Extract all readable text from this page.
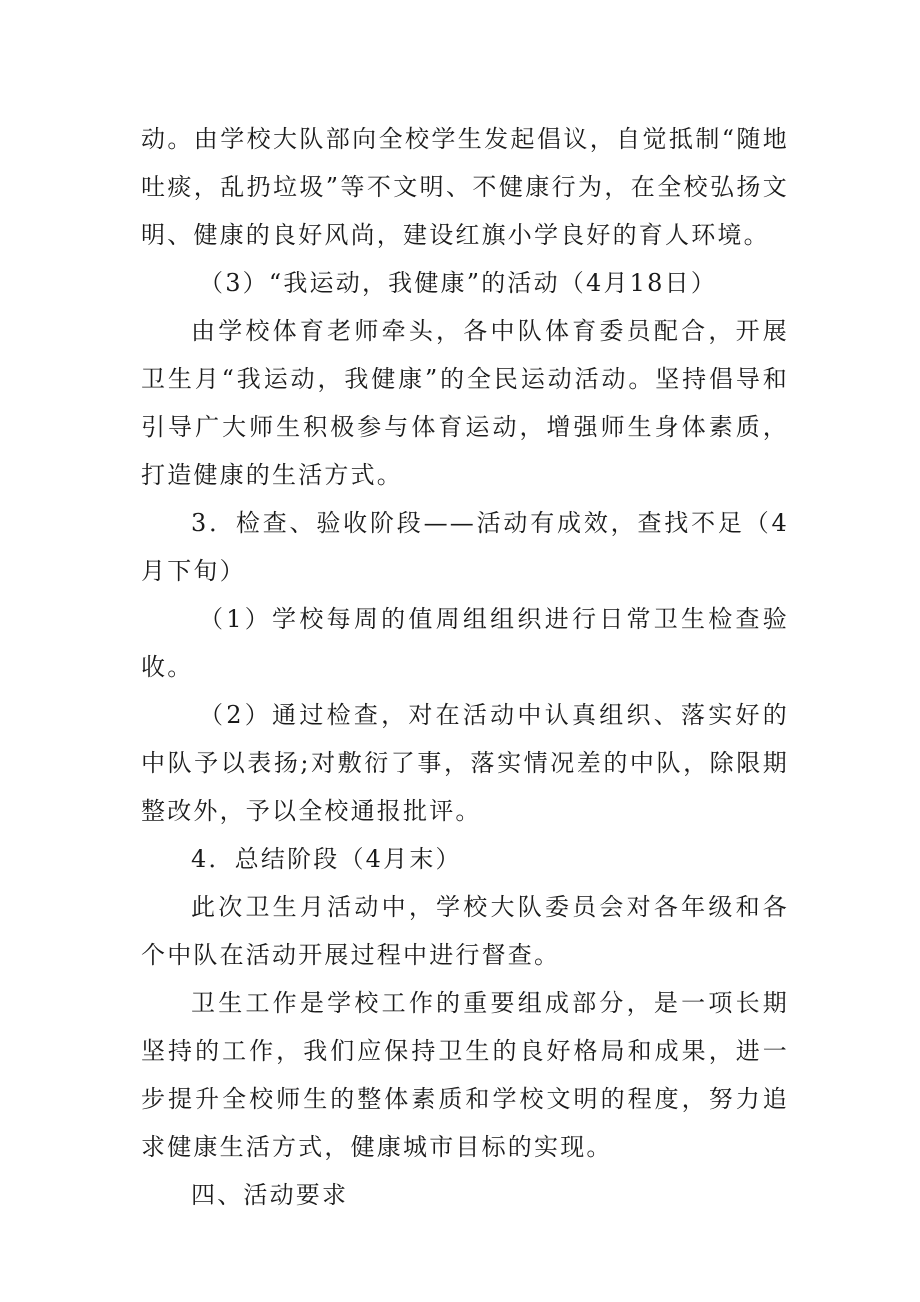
动。由学校大队部向全校学生发起倡议，自觉抵制“随地吐痰，乱扔垃圾”等不文明、不健康行为，在全校弘扬文明、健康的良好风尚，建设红旗小学良好的育人环境。

（3）“我运动，我健康”的活动（4月18日）

由学校体育老师牵头，各中队体育委员配合，开展卫生月“我运动，我健康”的全民运动活动。坚持倡导和引导广大师生积极参与体育运动，增强师生身体素质，打造健康的生活方式。

3．检查、验收阶段——活动有成效，查找不足（4月下旬）

（1）学校每周的值周组组织进行日常卫生检查验收。

（2）通过检查，对在活动中认真组织、落实好的中队予以表扬;对敷衍了事，落实情况差的中队，除限期整改外，予以全校通报批评。

4．总结阶段（4月末）

此次卫生月活动中，学校大队委员会对各年级和各个中队在活动开展过程中进行督查。

卫生工作是学校工作的重要组成部分，是一项长期坚持的工作，我们应保持卫生的良好格局和成果，进一步提升全校师生的整体素质和学校文明的程度，努力追求健康生活方式，健康城市目标的实现。

四、活动要求
